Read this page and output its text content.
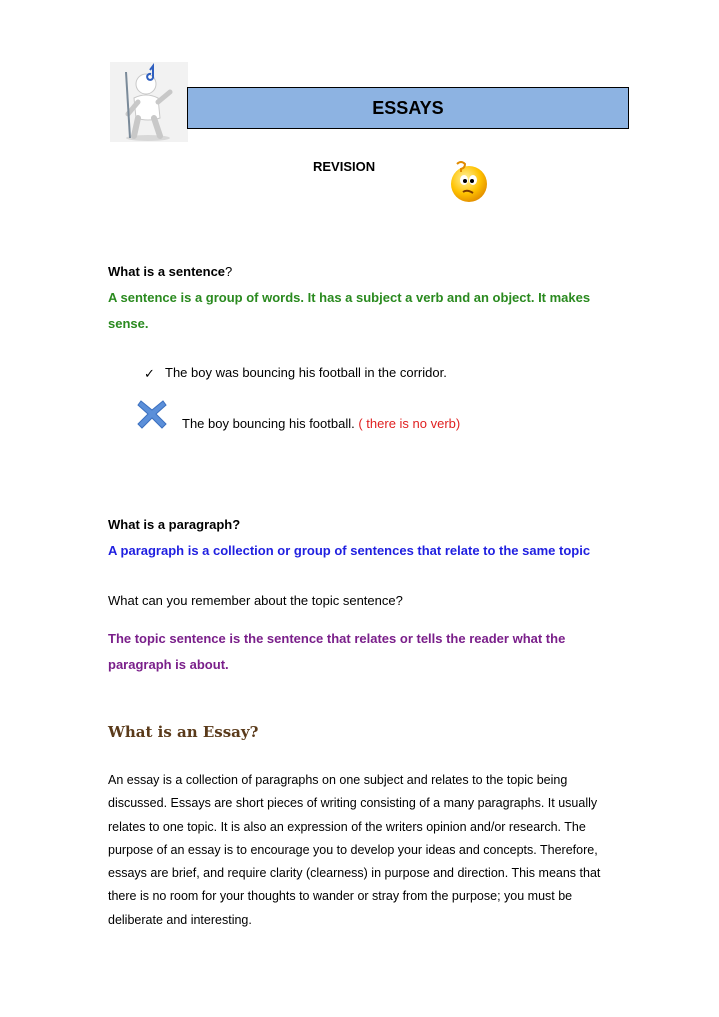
ESSAYS
REVISION
What is a sentence?
A sentence is a group of words. It has a subject a verb and an object. It makes
sense.
✓ The boy was bouncing his football in the corridor.
The boy bouncing his football. ( there is no verb)
What is a paragraph?
A paragraph is a collection or group of sentences that relate to the same topic
What can you remember about the topic sentence?
The topic sentence is the sentence that relates or tells the reader what the
paragraph is about.
What is an Essay?
An essay is a collection of paragraphs on one subject and relates to the topic being
discussed. Essays are short pieces of writing consisting of a many paragraphs. It usually
relates to one topic. It is also an expression of the writers opinion and/or research. The
purpose of an essay is to encourage you to develop your ideas and concepts. Therefore,
essays are brief, and require clarity (clearness) in purpose and direction. This means that
there is no room for your thoughts to wander or stray from the purpose; you must be
deliberate and interesting.
